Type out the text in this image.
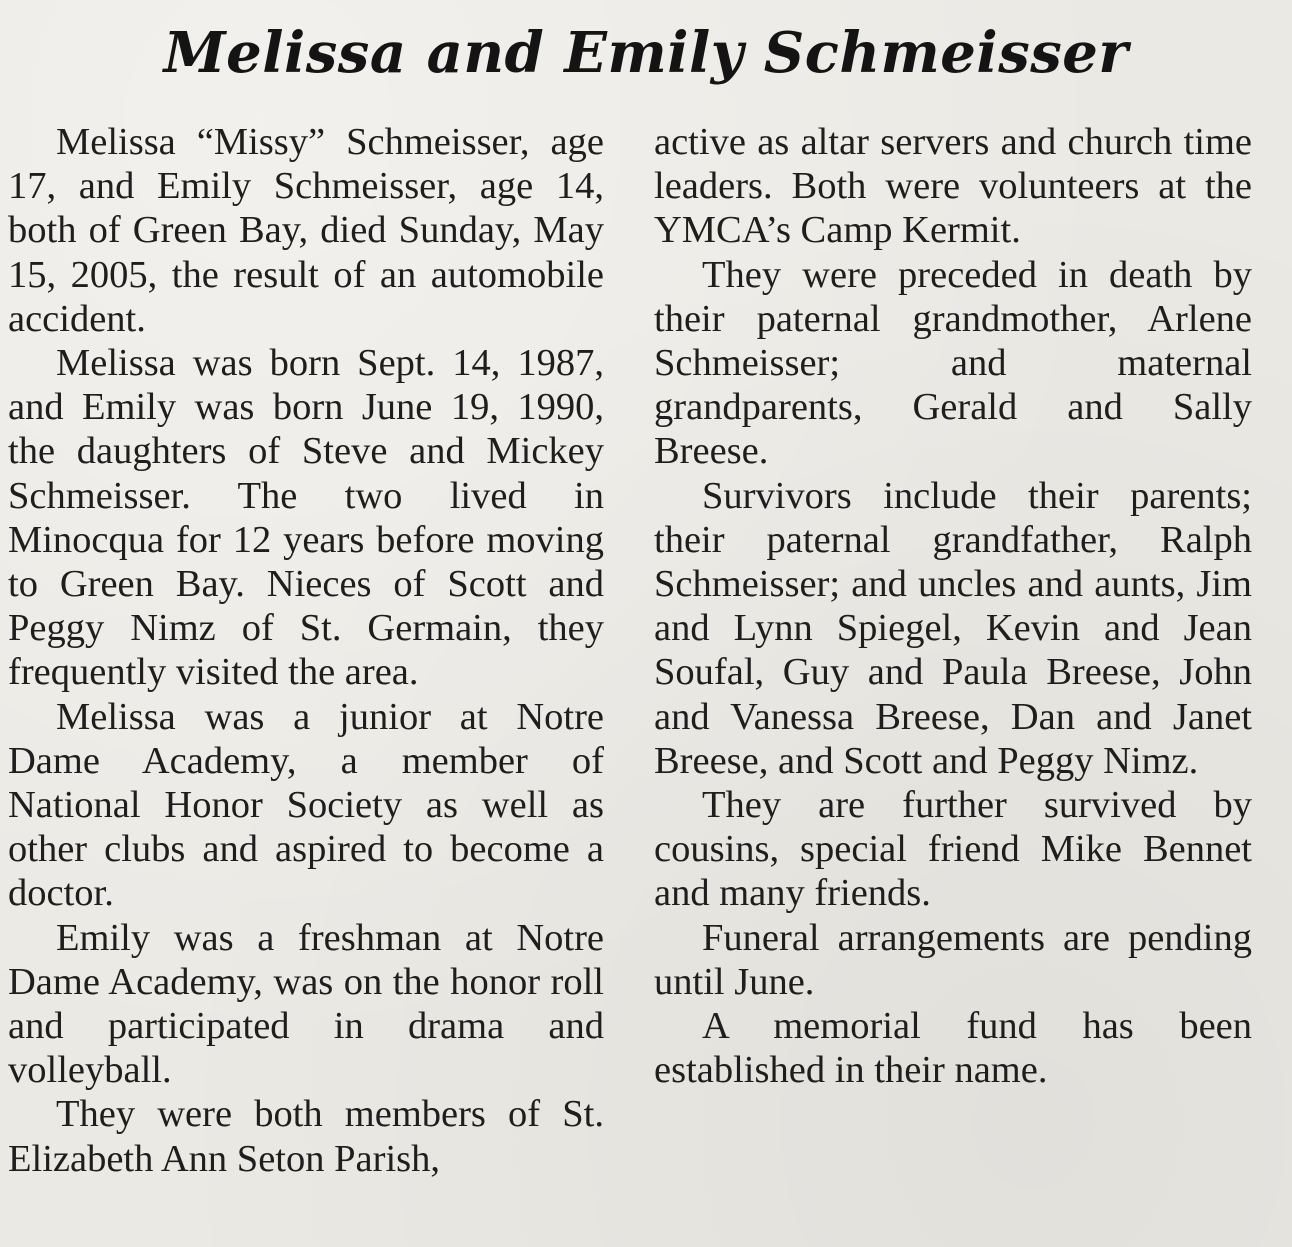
Melissa and Emily Schmeisser

Melissa “Missy” Schmeisser, age 17, and Emily Schmeisser, age 14, both of Green Bay, died Sunday, May 15, 2005, the result of an automobile accident.

Melissa was born Sept. 14, 1987, and Emily was born June 19, 1990, the daughters of Steve and Mickey Schmeisser. The two lived in Minocqua for 12 years before moving to Green Bay. Nieces of Scott and Peggy Nimz of St. Germain, they frequently visited the area.

Melissa was a junior at Notre Dame Academy, a member of National Honor Society as well as other clubs and aspired to become a doctor.

Emily was a freshman at Notre Dame Academy, was on the honor roll and participated in drama and volleyball.

They were both members of St. Elizabeth Ann Seton Parish,

active as altar servers and church time leaders. Both were volunteers at the YMCA’s Camp Kermit.

They were preceded in death by their paternal grandmother, Arlene Schmeisser; and maternal grandparents, Gerald and Sally Breese.

Survivors include their parents; their paternal grandfather, Ralph Schmeisser; and uncles and aunts, Jim and Lynn Spiegel, Kevin and Jean Soufal, Guy and Paula Breese, John and Vanessa Breese, Dan and Janet Breese, and Scott and Peggy Nimz.

They are further survived by cousins, special friend Mike Bennet and many friends.

Funeral arrangements are pending until June.

A memorial fund has been established in their name.
